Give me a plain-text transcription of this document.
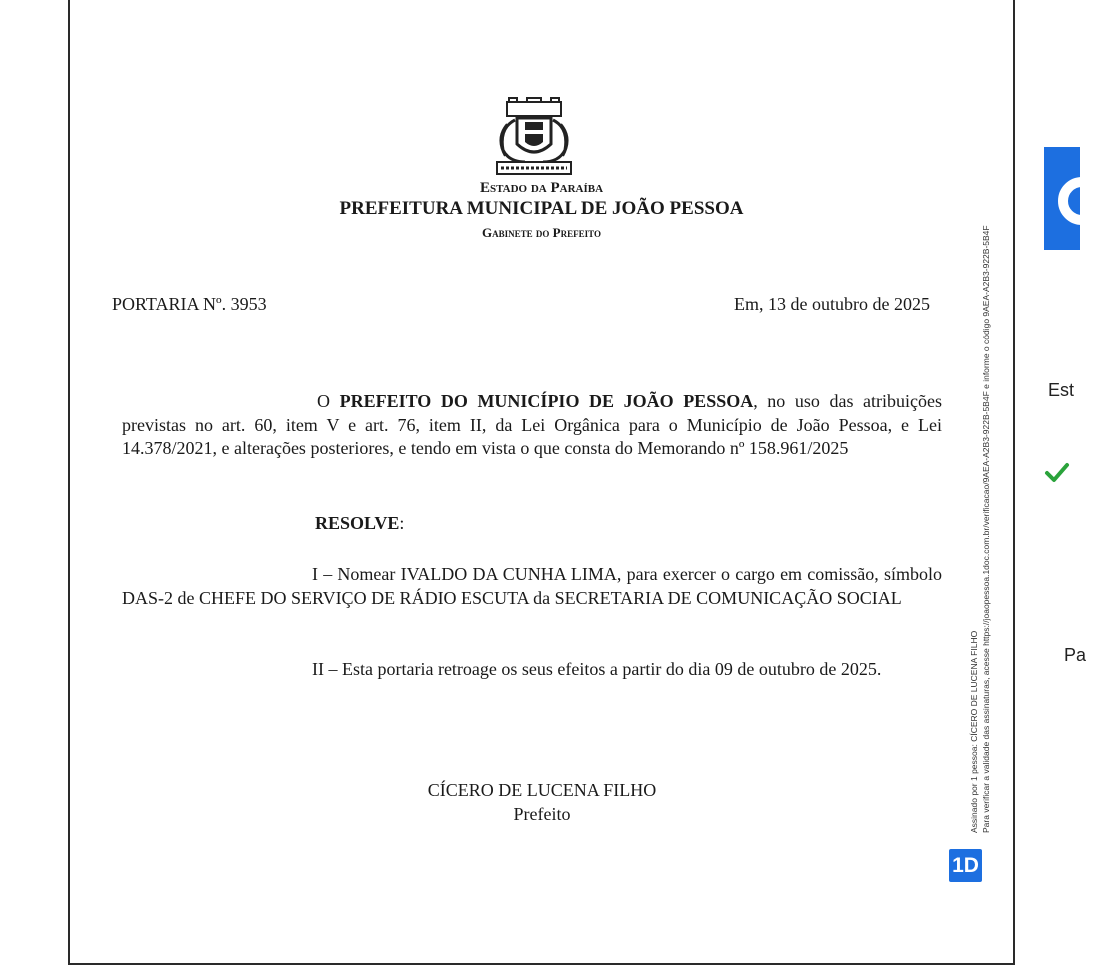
Estado da Paraíba
PREFEITURA MUNICIPAL DE JOÃO PESSOA
Gabinete do Prefeito
PORTARIA Nº. 3953	Em, 13 de outubro de 2025
O PREFEITO DO MUNICÍPIO DE JOÃO PESSOA, no uso das atribuições previstas no art. 60, item V e art. 76, item II, da Lei Orgânica para o Município de João Pessoa, e Lei 14.378/2021, e alterações posteriores, e tendo em vista o que consta do Memorando nº 158.961/2025
RESOLVE:
I – Nomear IVALDO DA CUNHA LIMA, para exercer o cargo em comissão, símbolo DAS-2 de CHEFE DO SERVIÇO DE RÁDIO ESCUTA da SECRETARIA DE COMUNICAÇÃO SOCIAL
II – Esta portaria retroage os seus efeitos a partir do dia 09 de outubro de 2025.
CÍCERO DE LUCENA FILHO
Prefeito	Assinado por 1 pessoa: CÍCERO DE LUCENA FILHO Para verificar a validade das assinaturas, acesse https://joaopessoa.1doc.com.br/verificacao/9AEA-A2B3-922B-5B4F e informe o código 9AEA-A2B3-922B-5B4F
1D
Est
Pa
